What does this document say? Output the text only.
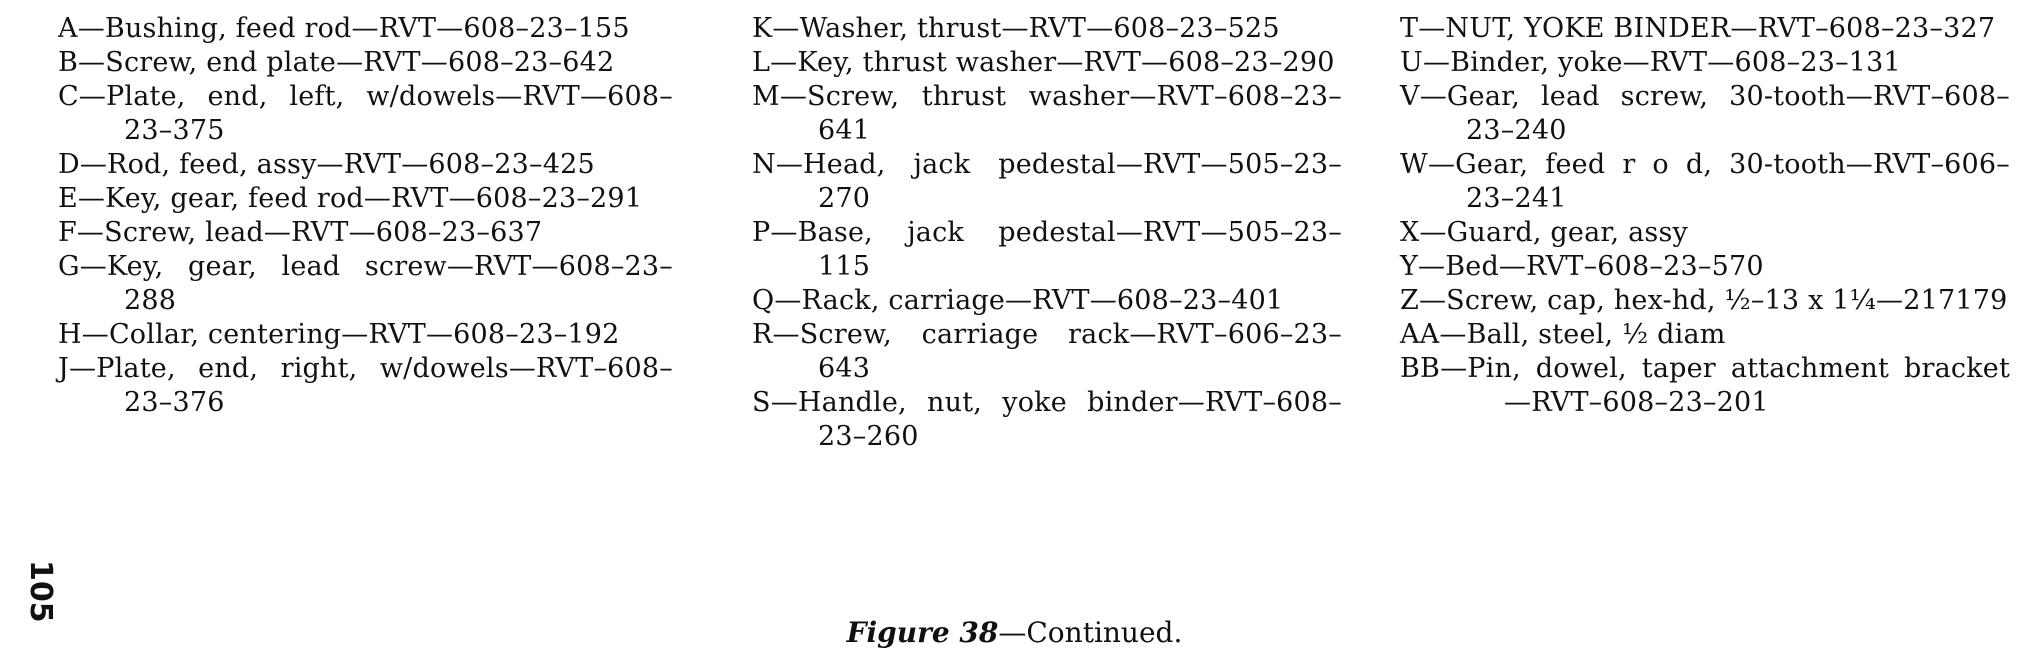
A—Bushing, feed rod—RVT—608–23–155
B—Screw, end plate—RVT—608–23–642
C—Plate, end, left, w/dowels—RVT—608–23–375
D—Rod, feed, assy—RVT—608–23–425
E—Key, gear, feed rod—RVT—608–23–291
F—Screw, lead—RVT—608–23–637
G—Key, gear, lead screw—RVT—608–23–288
H—Collar, centering—RVT—608–23–192
J—Plate, end, right, w/dowels—RVT–608–23–376
K—Washer, thrust—RVT—608–23–525
L—Key, thrust washer—RVT—608–23–290
M—Screw, thrust washer—RVT–608–23–641
N—Head, jack pedestal—RVT—505–23–270
P—Base, jack pedestal—RVT—505–23–115
Q—Rack, carriage—RVT—608–23–401
R—Screw, carriage rack—RVT–606–23–643
S—Handle, nut, yoke binder—RVT–608–23–260
T—NUT, YOKE BINDER—RVT–608–23–327
U—Binder, yoke—RVT—608–23–131
V—Gear, lead screw, 30-tooth—RVT–608–23–240
W—Gear, feed r o d, 30-tooth—RVT–606–23–241
X—Guard, gear, assy
Y—Bed—RVT–608–23–570
Z—Screw, cap, hex-hd, ½–13 x 1¼—217179
AA—Ball, steel, ½ diam
BB—Pin, dowel, taper attachment bracket—RVT–608–23–201
105
Figure 38—Continued.
